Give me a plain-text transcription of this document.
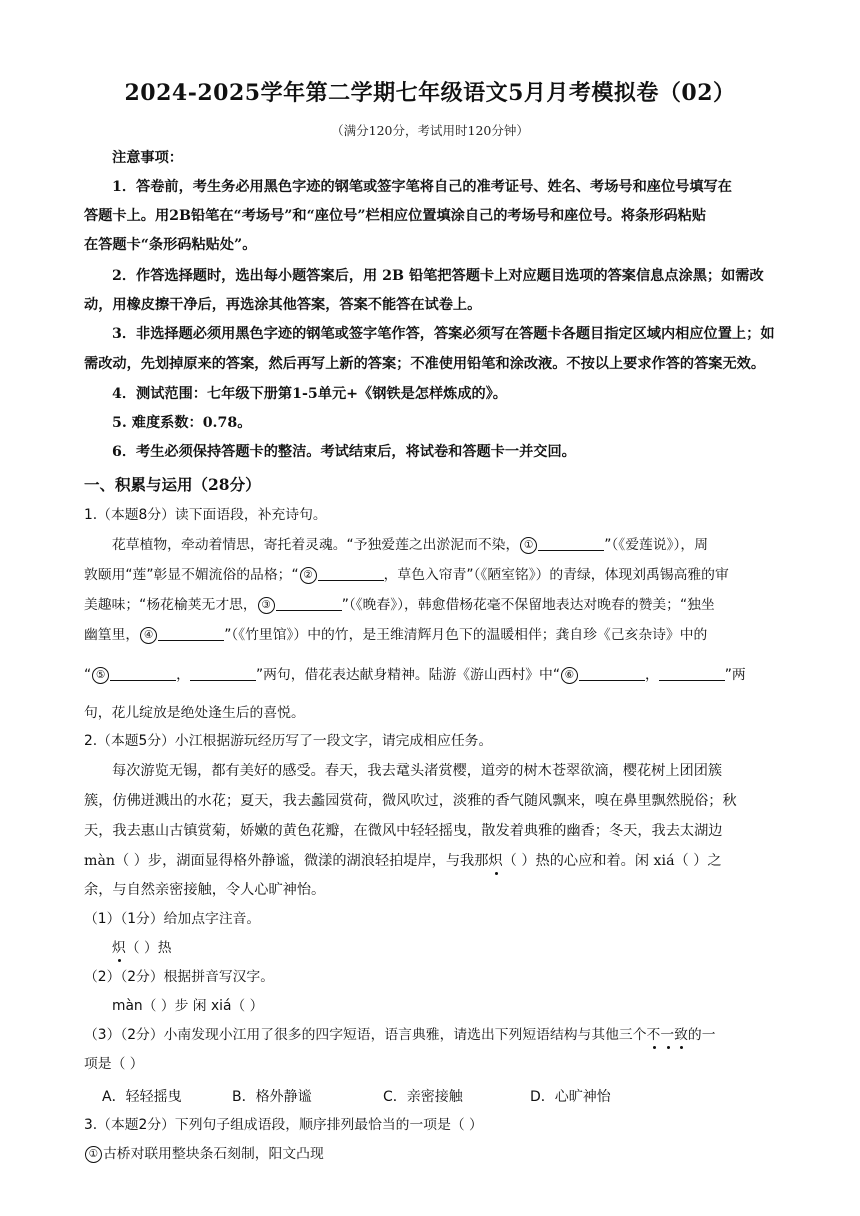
2024-2025学年第二学期七年级语文5月月考模拟卷（02）
（满分120分，考试用时120分钟）
注意事项：
1．答卷前，考生务必用黑色字迹的钢笔或签字笔将自己的准考证号、姓名、考场号和座位号填写在
答题卡上。用2B铅笔在“考场号”和“座位号”栏相应位置填涂自己的考场号和座位号。将条形码粘贴
在答题卡“条形码粘贴处”。
2．作答选择题时，选出每小题答案后，用 2B 铅笔把答题卡上对应题目选项的答案信息点涂黑；如需改
动，用橡皮擦干净后，再选涂其他答案，答案不能答在试卷上。
3．非选择题必须用黑色字迹的钢笔或签字笔作答，答案必须写在答题卡各题目指定区域内相应位置上；如
需改动，先划掉原来的答案，然后再写上新的答案；不准使用铅笔和涂改液。不按以上要求作答的答案无效。
4．测试范围：七年级下册第1-5单元+《钢铁是怎样炼成的》。
5. 难度系数：0.78。
6．考生必须保持答题卡的整洁。考试结束后，将试卷和答题卡一并交回。
一、积累与运用（28分）
1.（本题8分）读下面语段，补充诗句。
花草植物，牵动着情思，寄托着灵魂。“予独爱莲之出淤泥而不染， ①	”（《爱莲说》），周
敦颐用“莲”彰显不媚流俗的品格；“ ②	，草色入帘青”（《陋室铭》）的青绿，体现刘禹锡高雅的审
美趣味；“杨花榆荚无才思， ③	”（《晚春》），韩愈借杨花毫不保留地表达对晚春的赞美；“独坐
幽篁里， ④	”（《竹里馆》）中的竹，是王维清辉月色下的温暖相伴；龚自珍《己亥杂诗》中的
“ ⑤	，	”两句，借花表达献身精神。陆游《游山西村》中“ ⑥	，	”两
句，花儿绽放是绝处逢生后的喜悦。
2.（本题5分）小江根据游玩经历写了一段文字，请完成相应任务。
每次游览无锡，都有美好的感受。春天，我去鼋头渚赏樱，道旁的树木苍翠欲滴，樱花树上团团簇
簇，仿佛迸溅出的水花；夏天，我去蠡园赏荷，微风吹过，淡雅的香气随风飘来，嗅在鼻里飘然脱俗；秋
天，我去惠山古镇赏菊，娇嫩的黄色花瓣，在微风中轻轻摇曳，散发着典雅的幽香；冬天，我去太湖边
màn（ ）步，湖面显得格外静谧，微漾的湖浪轻拍堤岸，与我那炽（ ）热的心应和着。闲 xiá（ ）之
余，与自然亲密接触，令人心旷神怡。
（1）（1分）给加点字注音。
炽（ ）热
（2）（2分）根据拼音写汉字。
màn（ ）步 闲 xiá（ ）
（3）（2分）小南发现小江用了很多的四字短语，语言典雅，请选出下列短语结构与其他三个不一致的一
项是（ ）
A．轻轻摇曳	B．格外静谧	C．亲密接触	D．心旷神怡
3.（本题2分）下列句子组成语段，顺序排列最恰当的一项是（ ）
① 古桥对联用整块条石刻制，阳文凸现
